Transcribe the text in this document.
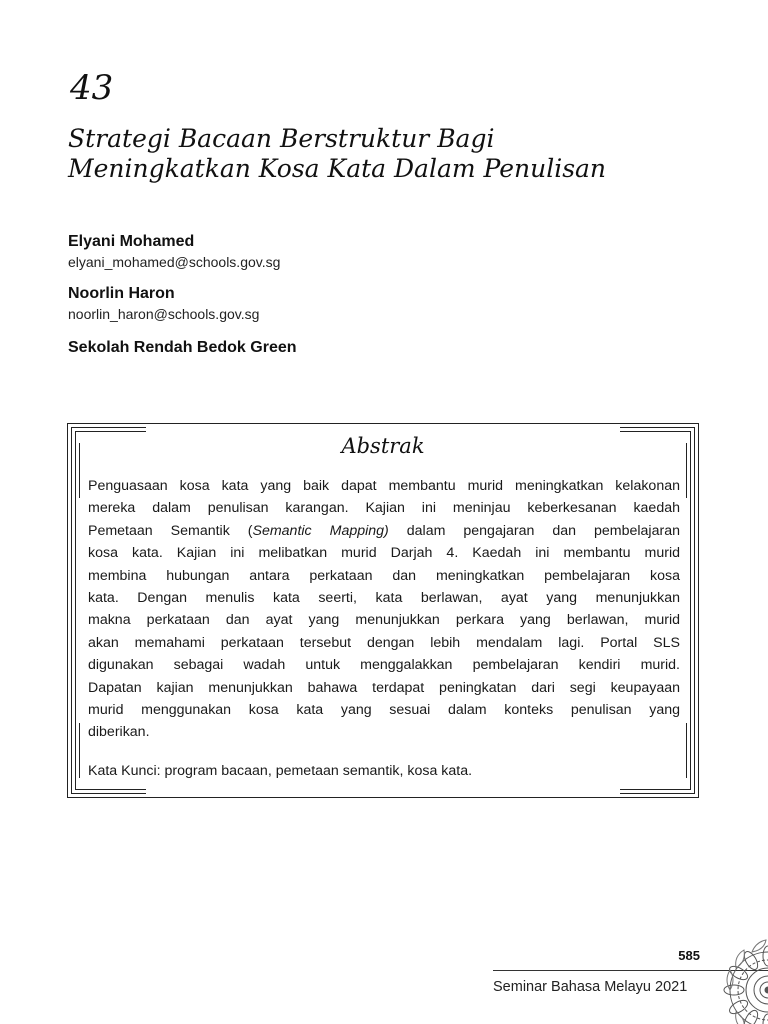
43
Strategi Bacaan Berstruktur Bagi
Meningkatkan Kosa Kata Dalam Penulisan
Elyani Mohamed
elyani_mohamed@schools.gov.sg
Noorlin Haron
noorlin_haron@schools.gov.sg
Sekolah Rendah Bedok Green
Abstrak
Penguasaan kosa kata yang baik dapat membantu murid meningkatkan kelakonan
mereka dalam penulisan karangan. Kajian ini meninjau keberkesanan kaedah
Pemetaan Semantik (Semantic Mapping) dalam pengajaran dan pembelajaran
kosa kata. Kajian ini melibatkan murid Darjah 4. Kaedah ini membantu murid
membina hubungan antara perkataan dan meningkatkan pembelajaran kosa
kata. Dengan menulis kata seerti, kata berlawan, ayat yang menunjukkan
makna perkataan dan ayat yang menunjukkan perkara yang berlawan, murid
akan memahami perkataan tersebut dengan lebih mendalam lagi. Portal SLS
digunakan sebagai wadah untuk menggalakkan pembelajaran kendiri murid.
Dapatan kajian menunjukkan bahawa terdapat peningkatan dari segi keupayaan
murid menggunakan kosa kata yang sesuai dalam konteks penulisan yang
diberikan.
Kata Kunci: program bacaan, pemetaan semantik, kosa kata.
585
Seminar Bahasa Melayu 2021
